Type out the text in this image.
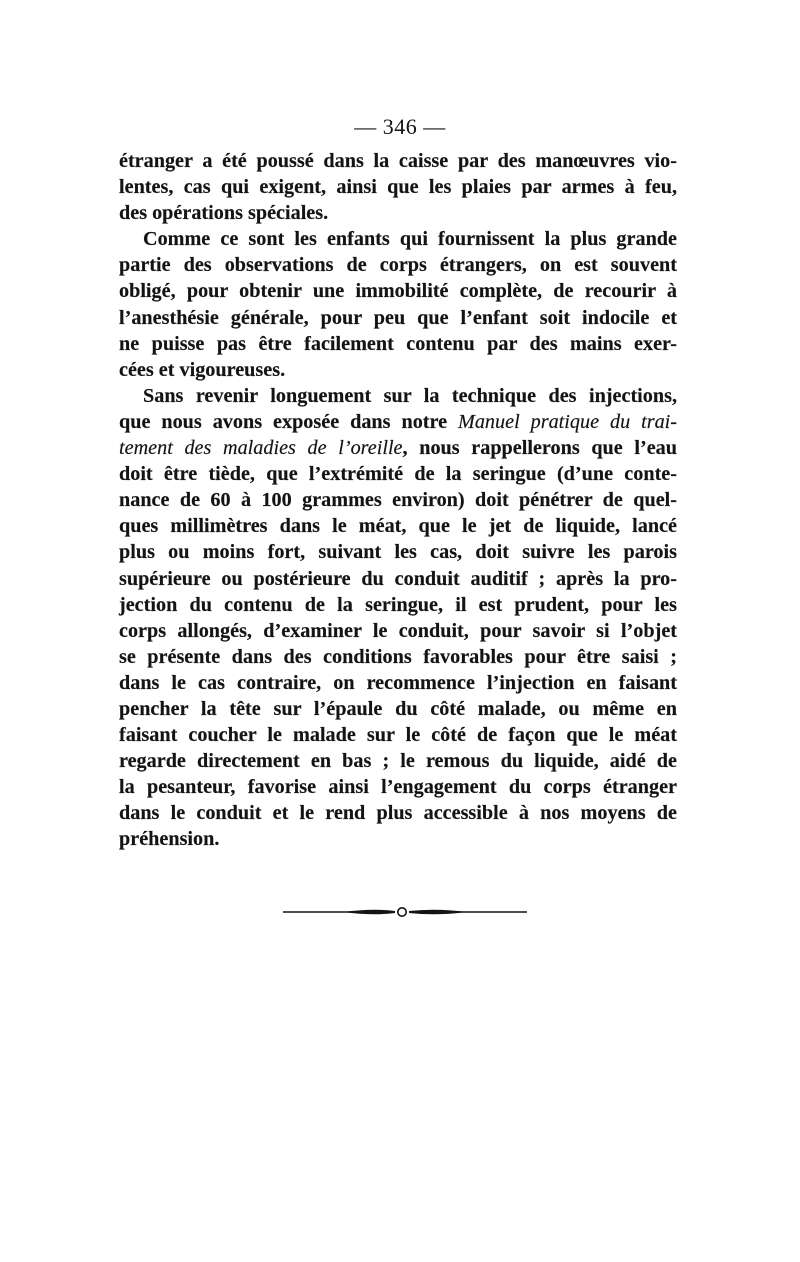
— 346 —
étranger a été poussé dans la caisse par des manœuvres vio-
lentes, cas qui exigent, ainsi que les plaies par armes à feu,
des opérations spéciales.
Comme ce sont les enfants qui fournissent la plus grande
partie des observations de corps étrangers, on est souvent
obligé, pour obtenir une immobilité complète, de recourir à
l’anesthésie générale, pour peu que l’enfant soit indocile et
ne puisse pas être facilement contenu par des mains exer-
cées et vigoureuses.
Sans revenir longuement sur la technique des injections,
que nous avons exposée dans notre Manuel pratique du trai-
tement des maladies de l’oreille, nous rappellerons que l’eau
doit être tiède, que l’extrémité de la seringue (d’une conte-
nance de 60 à 100 grammes environ) doit pénétrer de quel-
ques millimètres dans le méat, que le jet de liquide, lancé
plus ou moins fort, suivant les cas, doit suivre les parois
supérieure ou postérieure du conduit auditif ; après la pro-
jection du contenu de la seringue, il est prudent, pour les
corps allongés, d’examiner le conduit, pour savoir si l’objet
se présente dans des conditions favorables pour être saisi ;
dans le cas contraire, on recommence l’injection en faisant
pencher la tête sur l’épaule du côté malade, ou même en
faisant coucher le malade sur le côté de façon que le méat
regarde directement en bas ; le remous du liquide, aidé de
la pesanteur, favorise ainsi l’engagement du corps étranger
dans le conduit et le rend plus accessible à nos moyens de
préhension.
